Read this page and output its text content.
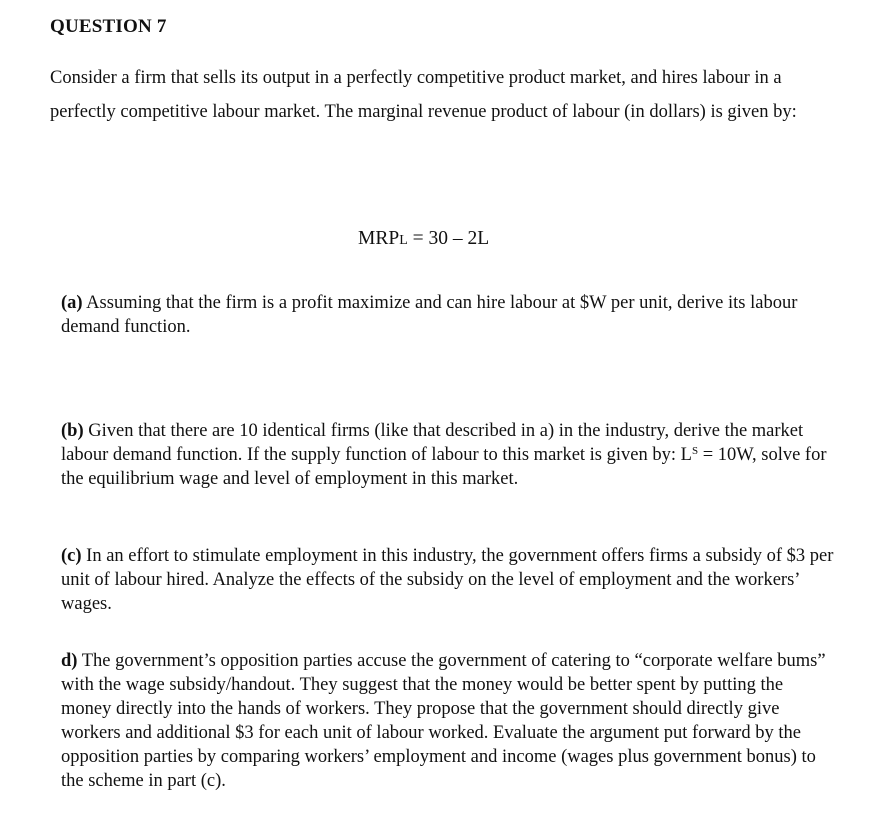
QUESTION 7
Consider a firm that sells its output in a perfectly competitive product market, and hires labour in a perfectly competitive labour market. The marginal revenue product of labour (in dollars) is given by:
MRPL = 30 – 2L
(a) Assuming that the firm is a profit maximize and can hire labour at $W per unit, derive its labour demand function.
(b) Given that there are 10 identical firms (like that described in a) in the industry, derive the market labour demand function. If the supply function of labour to this market is given by: $L^S = 10W$, solve for the equilibrium wage and level of employment in this market.
(c) In an effort to stimulate employment in this industry, the government offers firms a subsidy of $3 per unit of labour hired. Analyze the effects of the subsidy on the level of employment and the workers’ wages.
d) The government’s opposition parties accuse the government of catering to “corporate welfare bums” with the wage subsidy/handout. They suggest that the money would be better spent by putting the money directly into the hands of workers. They propose that the government should directly give workers and additional $3 for each unit of labour worked. Evaluate the argument put forward by the opposition parties by comparing workers’ employment and income (wages plus government bonus) to the scheme in part (c).
